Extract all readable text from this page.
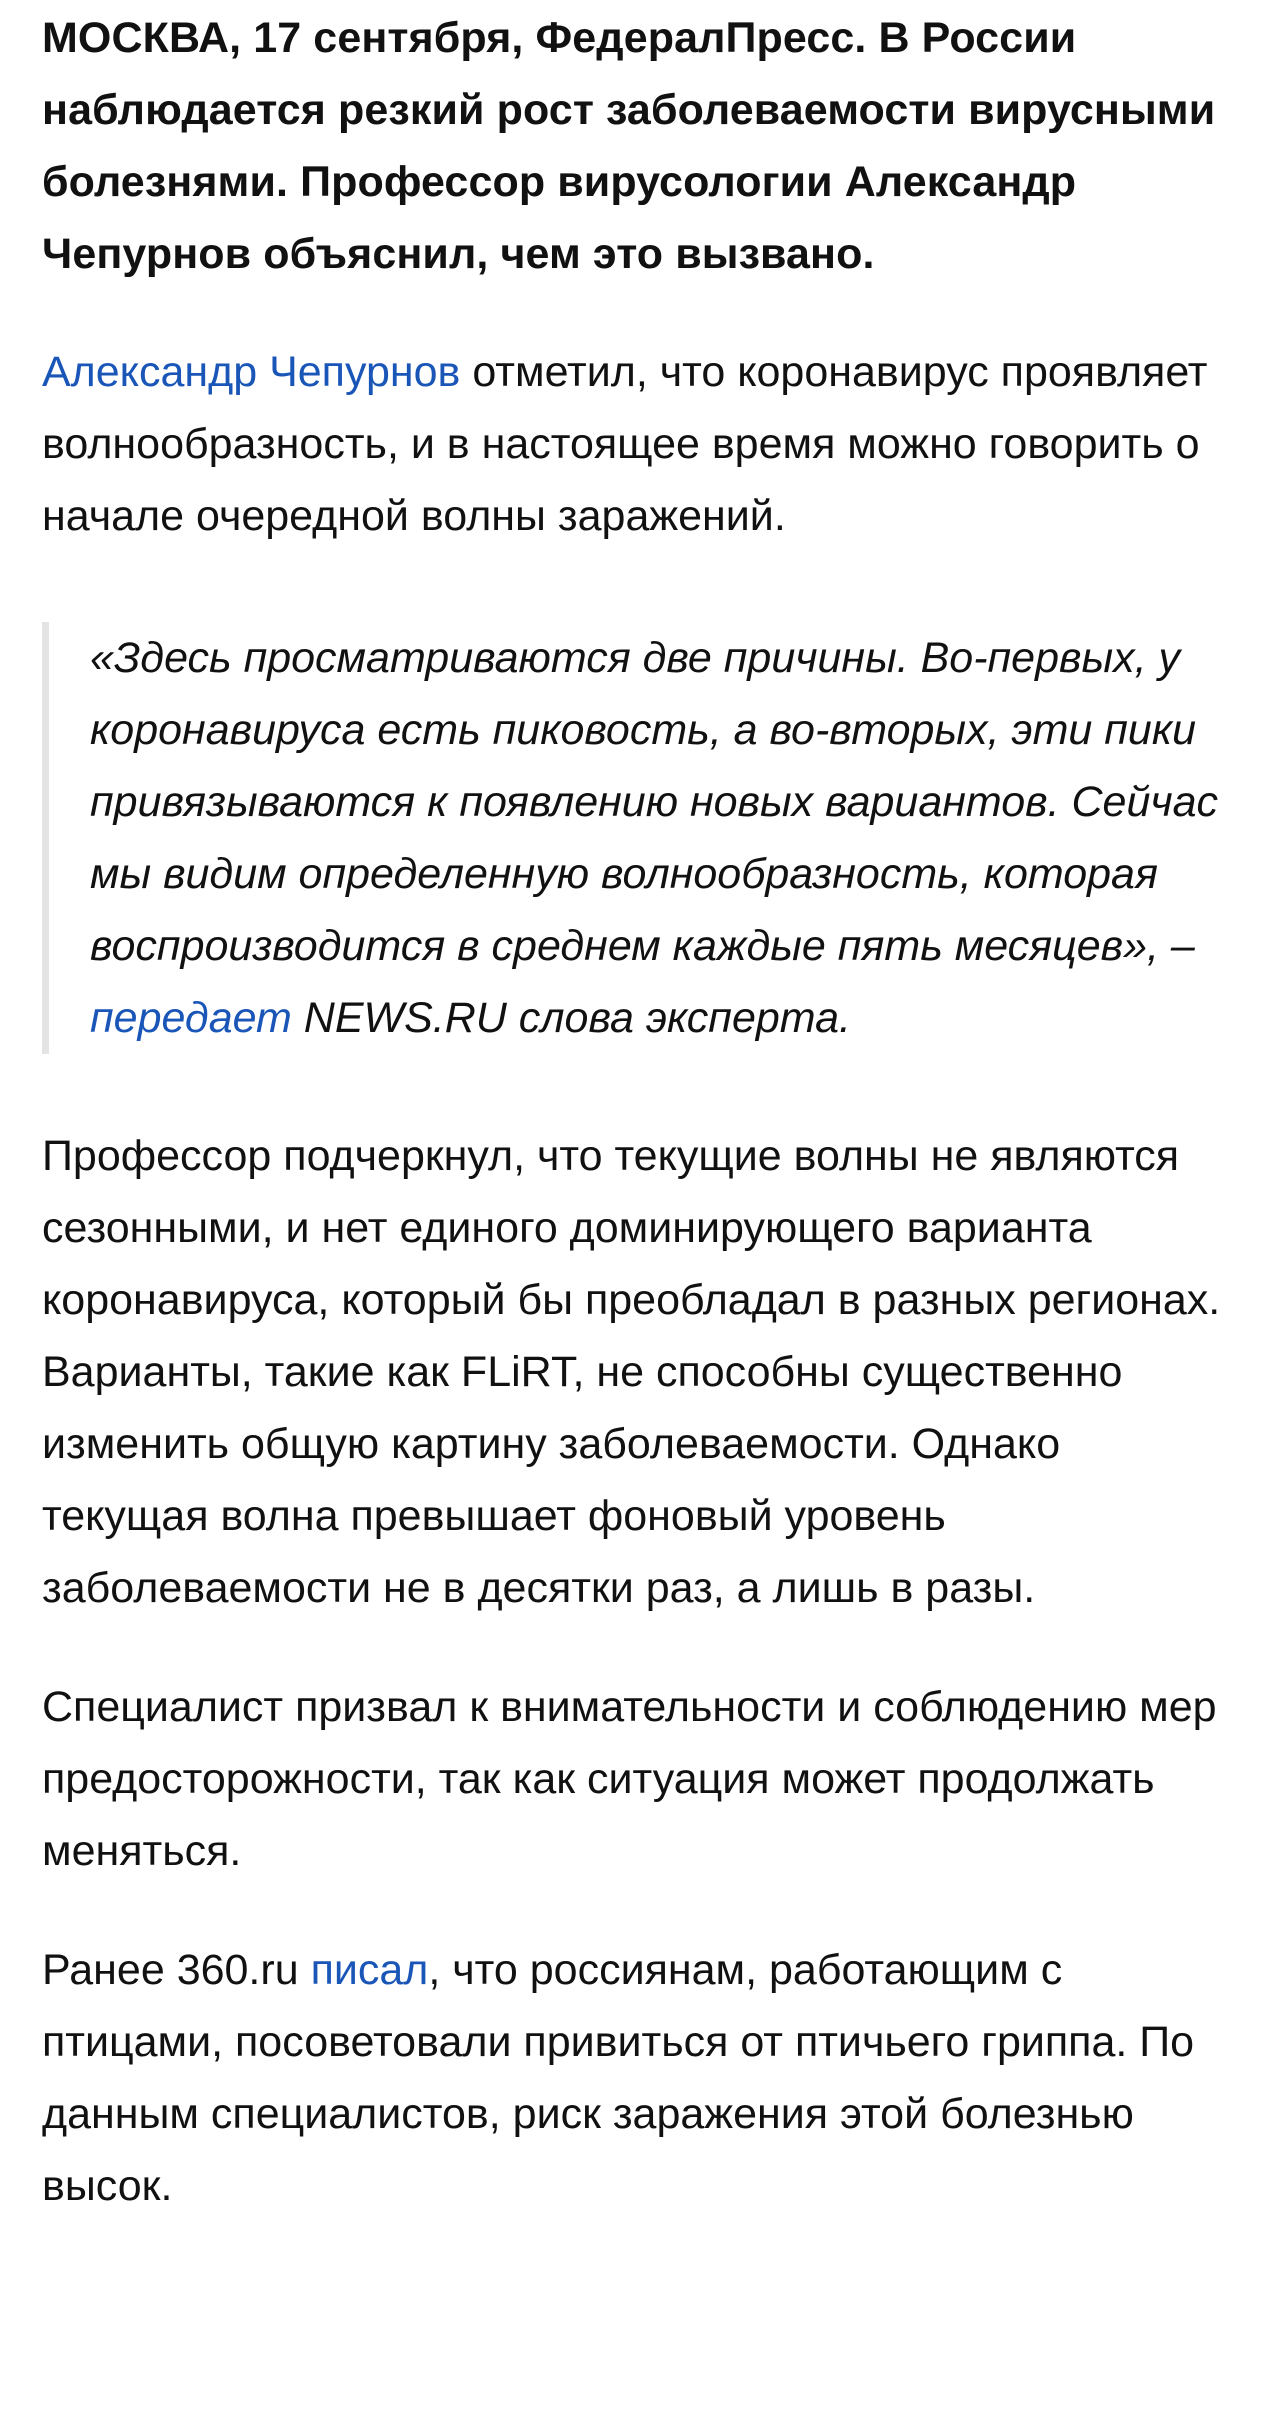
МОСКВА, 17 сентября, ФедералПресс. В России наблюдается резкий рост заболеваемости вирусными болезнями. Профессор вирусологии Александр Чепурнов объяснил, чем это вызвано.

Александр Чепурнов отметил, что коронавирус проявляет волнообразность, и в настоящее время можно говорить о начале очередной волны заражений.

«Здесь просматриваются две причины. Во-первых, у коронавируса есть пиковость, а во-вторых, эти пики привязываются к появлению новых вариантов. Сейчас мы видим определенную волнообразность, которая воспроизводится в среднем каждые пять месяцев», – передает NEWS.RU слова эксперта.

Профессор подчеркнул, что текущие волны не являются сезонными, и нет единого доминирующего варианта коронавируса, который бы преобладал в разных регионах. Варианты, такие как FLiRT, не способны существенно изменить общую картину заболеваемости. Однако текущая волна превышает фоновый уровень заболеваемости не в десятки раз, а лишь в разы.

Специалист призвал к внимательности и соблюдению мер предосторожности, так как ситуация может продолжать меняться.

Ранее 360.ru писал, что россиянам, работающим с птицами, посоветовали привиться от птичьего гриппа. По данным специалистов, риск заражения этой болезнью высок.
